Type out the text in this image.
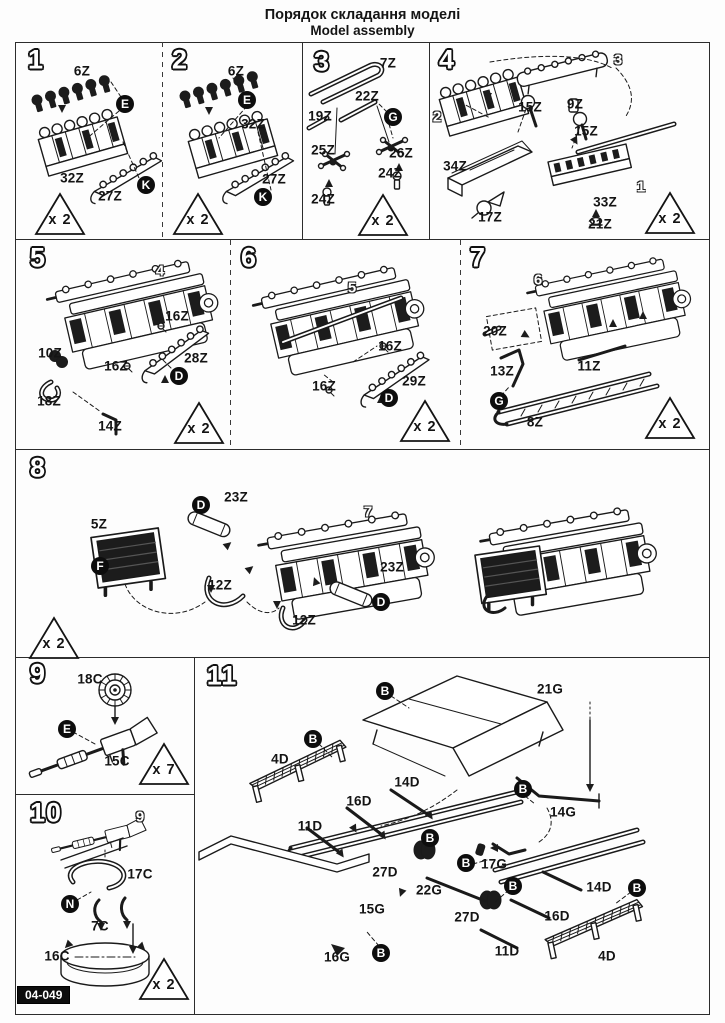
Порядок складання моделі
Model assembly
1 6Z
E
32Z
27Z
K
x 2
2	6Z
E
32Z
27Z
K
x 2
3	7Z
22Z
19Z	G
25Z	26Z
24Z
24Z
x 2
4	3
2
15Z 9Z
15Z
34Z
1
17Z
33Z
21Z	x 2
5	4
16Z
10Z
16Z
28Z
D
18Z
14Z	x 2
6
5
16Z
16Z	29Z
D
x 2
7
6
20Z
13Z
G
11Z
8Z	x 2
8
D
23Z
5Z
F
12Z
12Z
7
23Z
D
x 2
9 18C
E
15C
x 7
10	9
17C
N
7C
16C
x 2
11
B	21G
B
4D
14D
16D
11D
B
14G
B
27D
B 17G
22G
27D
15G
B
16G	B
14D	B
16D
11D	4D
04-049
